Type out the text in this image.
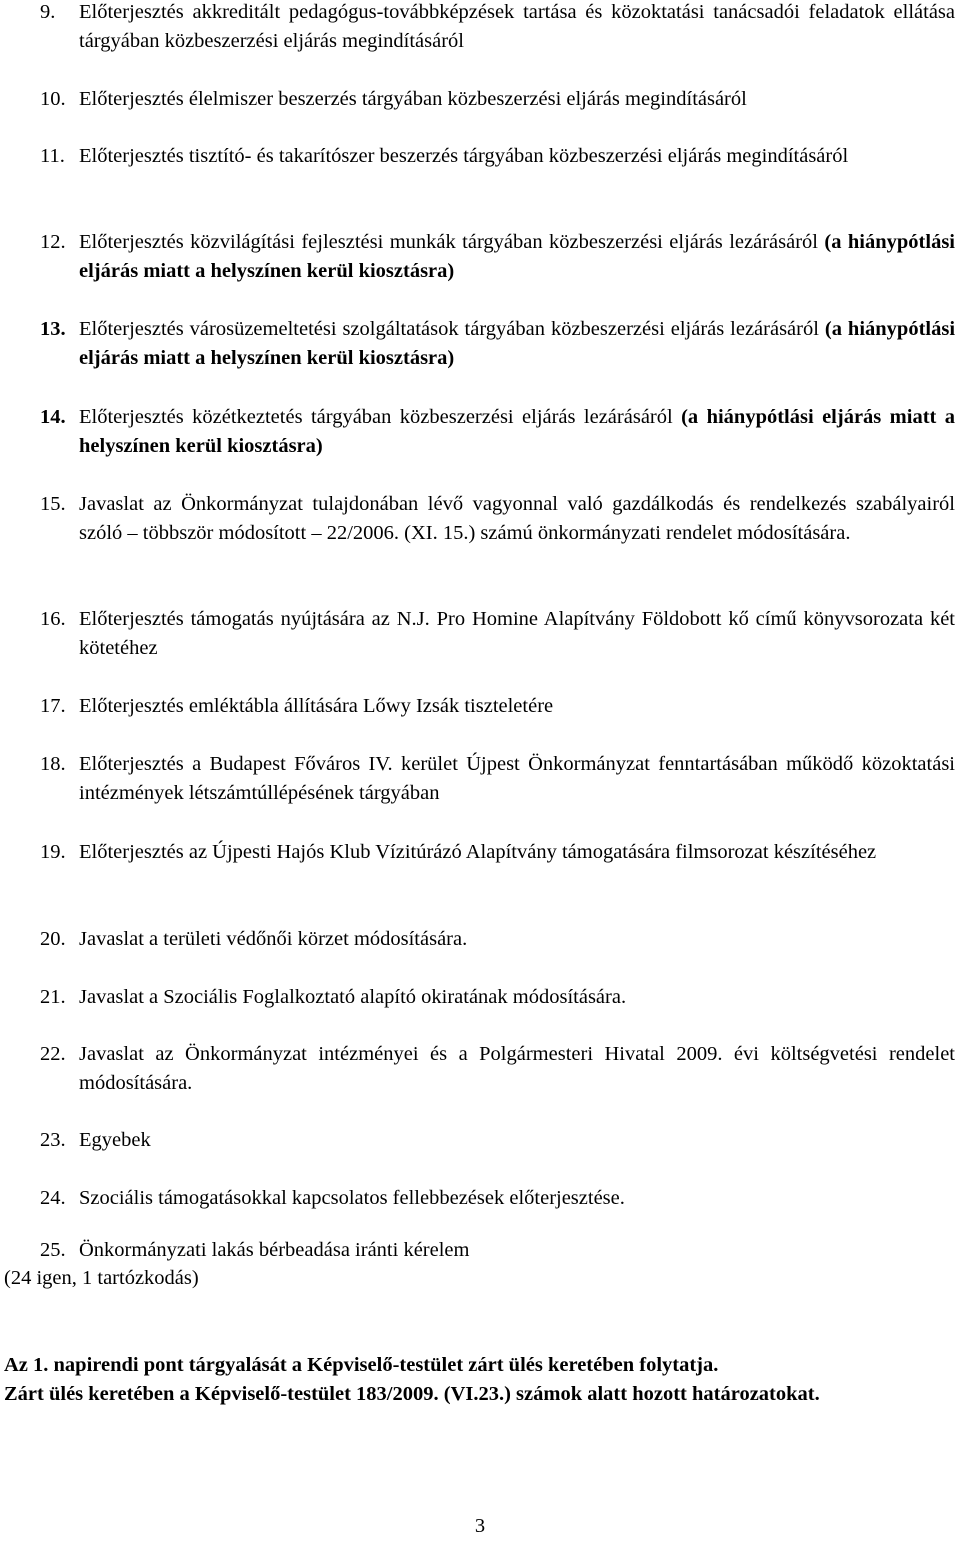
9.	Előterjesztés akkreditált pedagógus-továbbképzések tartása és közoktatási tanácsadói feladatok ellátása tárgyában közbeszerzési eljárás megindításáról
10. Előterjesztés élelmiszer beszerzés tárgyában közbeszerzési eljárás megindításáról
11. Előterjesztés tisztító- és takarítószer beszerzés tárgyában közbeszerzési eljárás megindításáról
12. Előterjesztés közvilágítási fejlesztési munkák tárgyában közbeszerzési eljárás lezárásáról (a hiánypótlási eljárás miatt a helyszínen kerül kiosztásra)
13. Előterjesztés városüzemeltetési szolgáltatások tárgyában közbeszerzési eljárás lezárásáról (a hiánypótlási eljárás miatt a helyszínen kerül kiosztásra)
14. Előterjesztés közétkeztetés tárgyában közbeszerzési eljárás lezárásáról (a hiánypótlási eljárás miatt a helyszínen kerül kiosztásra)
15. Javaslat az Önkormányzat tulajdonában lévő vagyonnal való gazdálkodás és rendelkezés szabályairól szóló – többször módosított – 22/2006. (XI. 15.) számú önkormányzati rendelet módosítására.
16. Előterjesztés támogatás nyújtására az N.J. Pro Homine Alapítvány Földobott kő című könyvsorozata két kötetéhez
17. Előterjesztés emléktábla állítására Lőwy Izsák tiszteletére
18. Előterjesztés a Budapest Főváros IV. kerület Újpest Önkormányzat fenntartásában működő közoktatási intézmények létszámtúllépésének tárgyában
19. Előterjesztés az Újpesti Hajós Klub Vízitúrázó Alapítvány támogatására filmsorozat készítéséhez
20. Javaslat a területi védőnői körzet módosítására.
21. Javaslat a Szociális Foglalkoztató alapító okiratának módosítására.
22. Javaslat az Önkormányzat intézményei és a Polgármesteri Hivatal 2009. évi költségvetési rendelet módosítására.
23. Egyebek
24. Szociális támogatásokkal kapcsolatos fellebbezések előterjesztése.
25. Önkormányzati lakás bérbeadása iránti kérelem
(24 igen, 1 tartózkodás)
Az 1. napirendi pont tárgyalását a Képviselő-testület zárt ülés keretében folytatja.
Zárt ülés keretében a Képviselő-testület 183/2009. (VI.23.) számok alatt hozott határozatokat.
3
